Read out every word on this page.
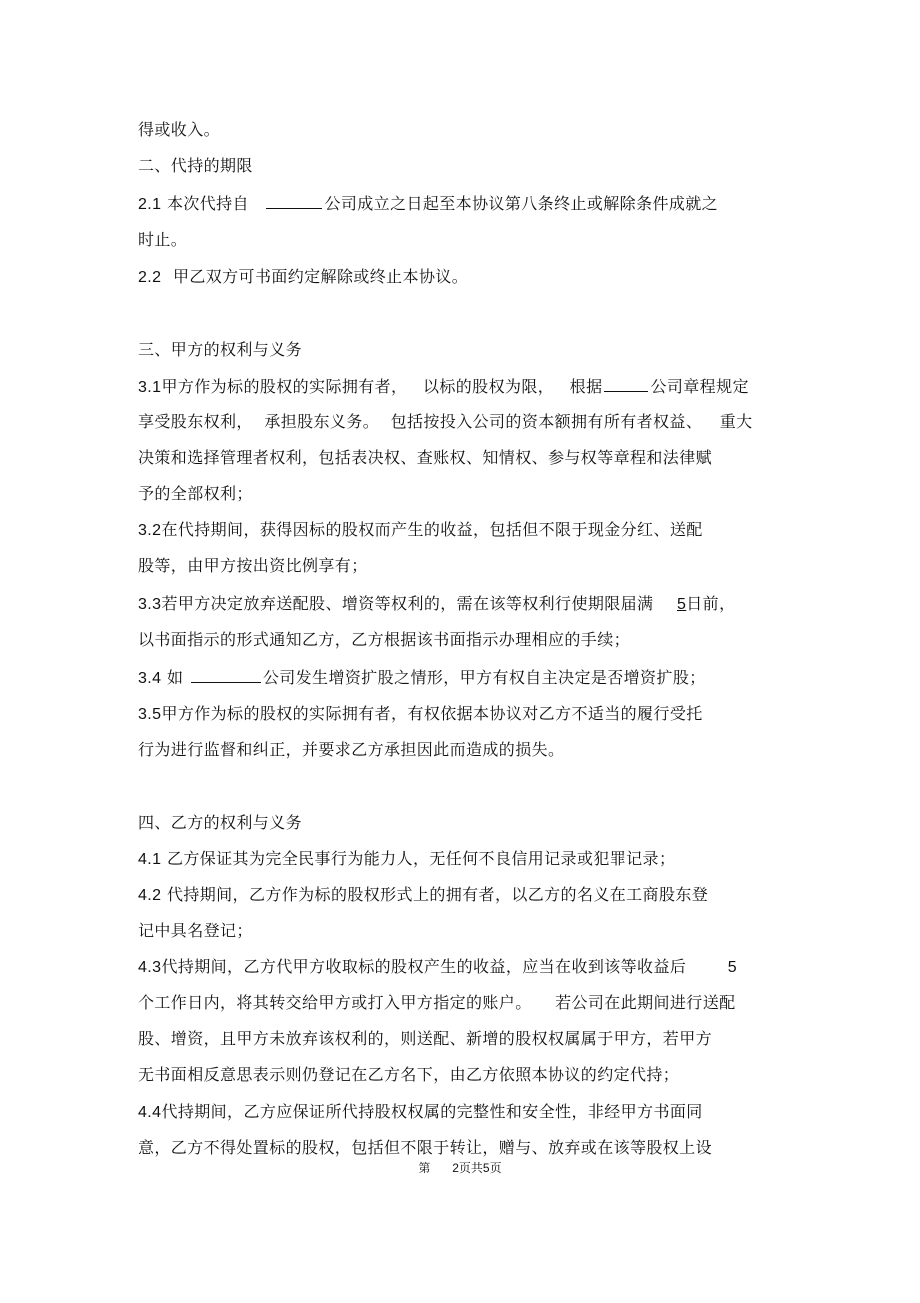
得或收入。
二、代持的期限
2.1 本次代持自	公司成立之日起至本协议第八条终止或解除条件成就之
时止。
2.2 甲乙双方可书面约定解除或终止本协议。
三、甲方的权利与义务
3.1甲方作为标的股权的实际拥有者， 以标的股权为限， 根据	公司章程规定
享受股东权利， 承担股东义务。 包括按投入公司的资本额拥有所有者权益、 重大
决策和选择管理者权利，包括表决权、查账权、知情权、参与权等章程和法律赋
予的全部权利；
3.2在代持期间，获得因标的股权而产生的收益，包括但不限于现金分红、送配
股等，由甲方按出资比例享有；
3.3若甲方决定放弃送配股、增资等权利的，需在该等权利行使期限届满 5日前，
以书面指示的形式通知乙方，乙方根据该书面指示办理相应的手续；
3.4 如	公司发生增资扩股之情形，甲方有权自主决定是否增资扩股；
3.5甲方作为标的股权的实际拥有者，有权依据本协议对乙方不适当的履行受托
行为进行监督和纠正，并要求乙方承担因此而造成的损失。
四、乙方的权利与义务
4.1 乙方保证其为完全民事行为能力人，无任何不良信用记录或犯罪记录；
4.2 代持期间，乙方作为标的股权形式上的拥有者，以乙方的名义在工商股东登
记中具名登记；
4.3代持期间，乙方代甲方收取标的股权产生的收益，应当在收到该等收益后	5
个工作日内，将其转交给甲方或打入甲方指定的账户。 若公司在此期间进行送配
股、增资，且甲方未放弃该权利的，则送配、新增的股权权属属于甲方，若甲方
无书面相反意思表示则仍登记在乙方名下，由乙方依照本协议的约定代持；
4.4代持期间，乙方应保证所代持股权权属的完整性和安全性，非经甲方书面同
意，乙方不得处置标的股权，包括但不限于转让，赠与、放弃或在该等股权上设
第 2页共5页
